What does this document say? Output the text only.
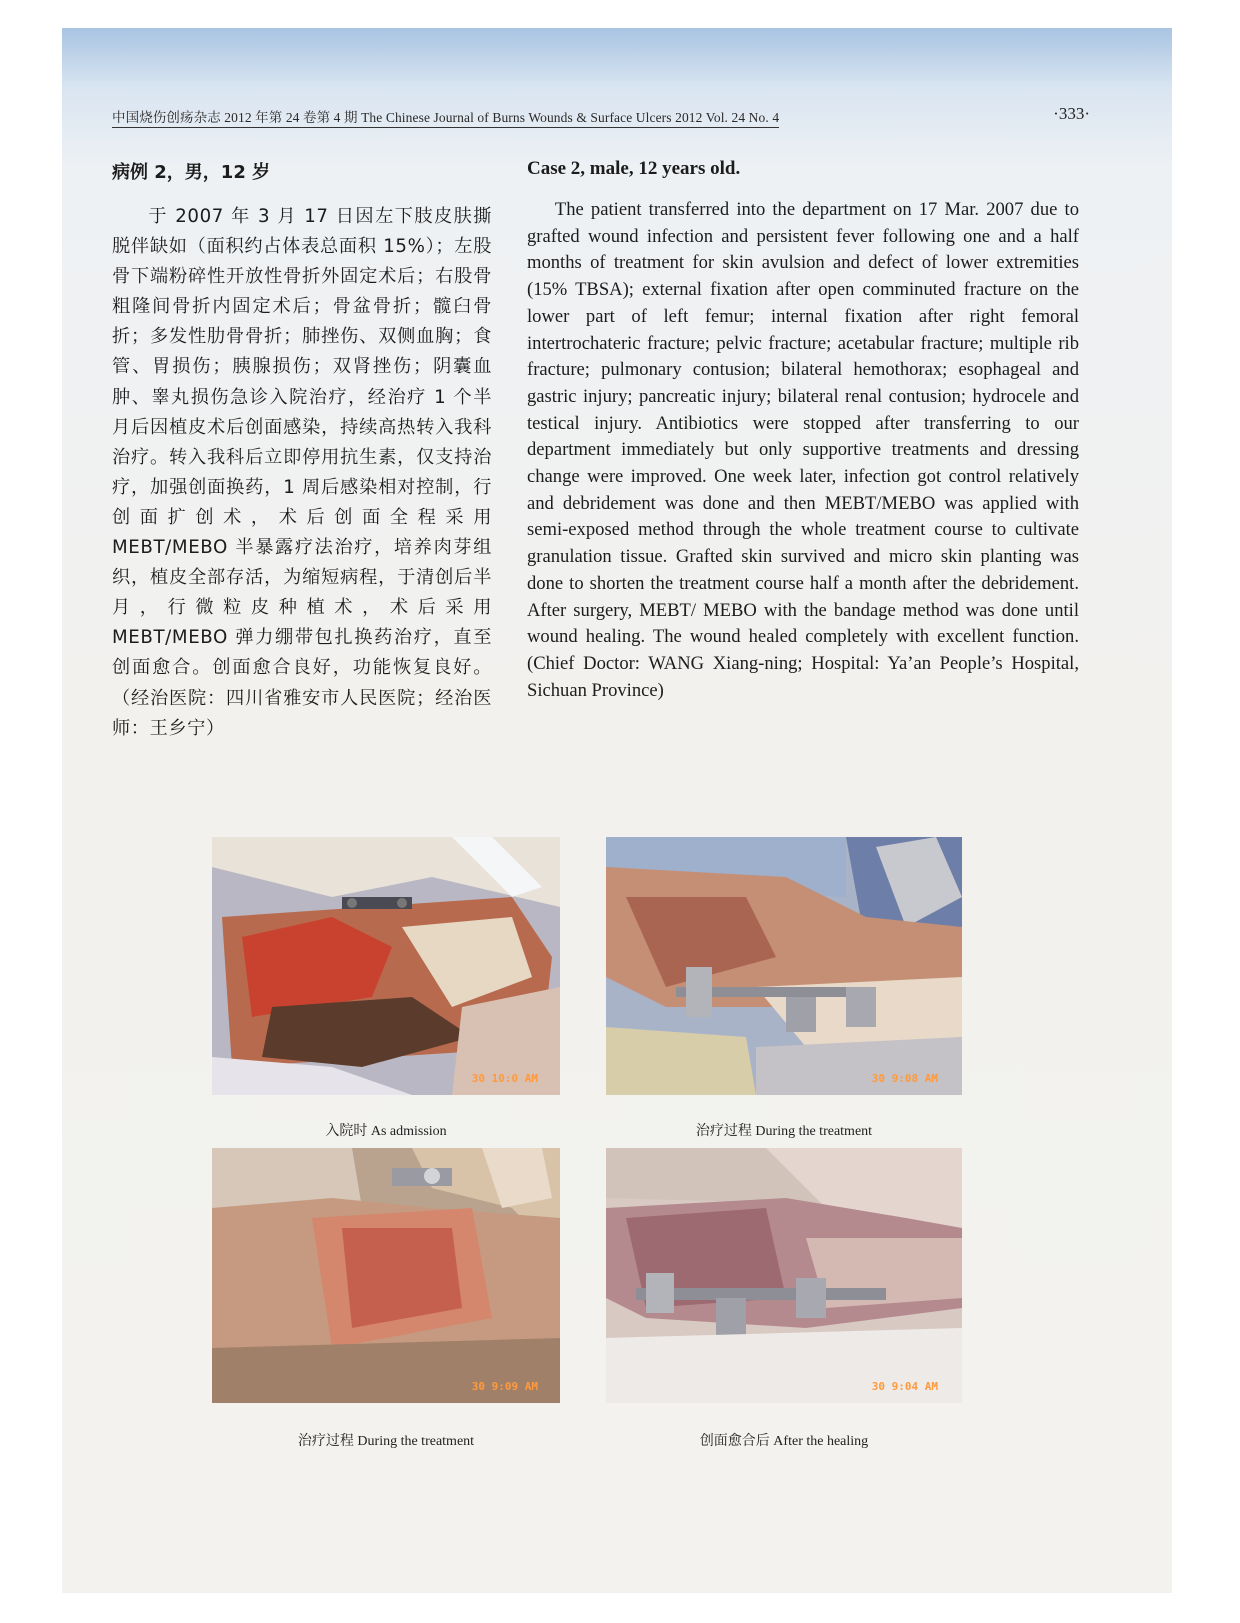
中国烧伤创疡杂志 2012 年第 24 卷第 4 期 The Chinese Journal of Burns Wounds & Surface Ulcers 2012 Vol. 24 No. 4	·333·

病例 2，男，12 岁

于 2007 年 3 月 17 日因左下肢皮肤撕脱伴缺如（面积约占体表总面积 15%）；左股骨下端粉碎性开放性骨折外固定术后；右股骨粗隆间骨折内固定术后；骨盆骨折；髋臼骨折；多发性肋骨骨折；肺挫伤、双侧血胸；食管、胃损伤；胰腺损伤；双肾挫伤；阴囊血肿、睾丸损伤急诊入院治疗，经治疗 1 个半月后因植皮术后创面感染，持续高热转入我科治疗。转入我科后立即停用抗生素，仅支持治疗，加强创面换药，1 周后感染相对控制，行创面扩创术，术后创面全程采用 MEBT/MEBO 半暴露疗法治疗，培养肉芽组织，植皮全部存活，为缩短病程，于清创后半月，行微粒皮种植术，术后采用 MEBT/MEBO 弹力绷带包扎换药治疗，直至创面愈合。创面愈合良好，功能恢复良好。（经治医院：四川省雅安市人民医院；经治医师：王乡宁）

Case 2, male, 12 years old.

The patient transferred into the department on 17 Mar. 2007 due to grafted wound infection and persistent fever following one and a half months of treatment for skin avulsion and defect of lower extremities (15% TBSA); external fixation after open comminuted fracture on the lower part of left femur; internal fixation after right femoral intertrochateric fracture; pelvic fracture; acetabular fracture; multiple rib fracture; pulmonary contusion; bilateral hemothorax; esophageal and gastric injury; pancreatic injury; bilateral renal contusion; hydrocele and testical injury. Antibiotics were stopped after transferring to our department immediately but only supportive treatments and dressing change were improved. One week later, infection got control relatively and debridement was done and then MEBT/MEBO was applied with semi-exposed method through the whole treatment course to cultivate granulation tissue. Grafted skin survived and micro skin planting was done to shorten the treatment course half a month after the debridement. After surgery, MEBT/ MEBO with the bandage method was done until wound healing. The wound healed completely with excellent function. (Chief Doctor: WANG Xiang-ning; Hospital: Ya’an People’s Hospital, Sichuan Province)

30 10:0 AM
入院时 As admission
30 9:08 AM
治疗过程 During the treatment
30 9:09 AM
治疗过程 During the treatment
30 9:04 AM
创面愈合后 After the healing
